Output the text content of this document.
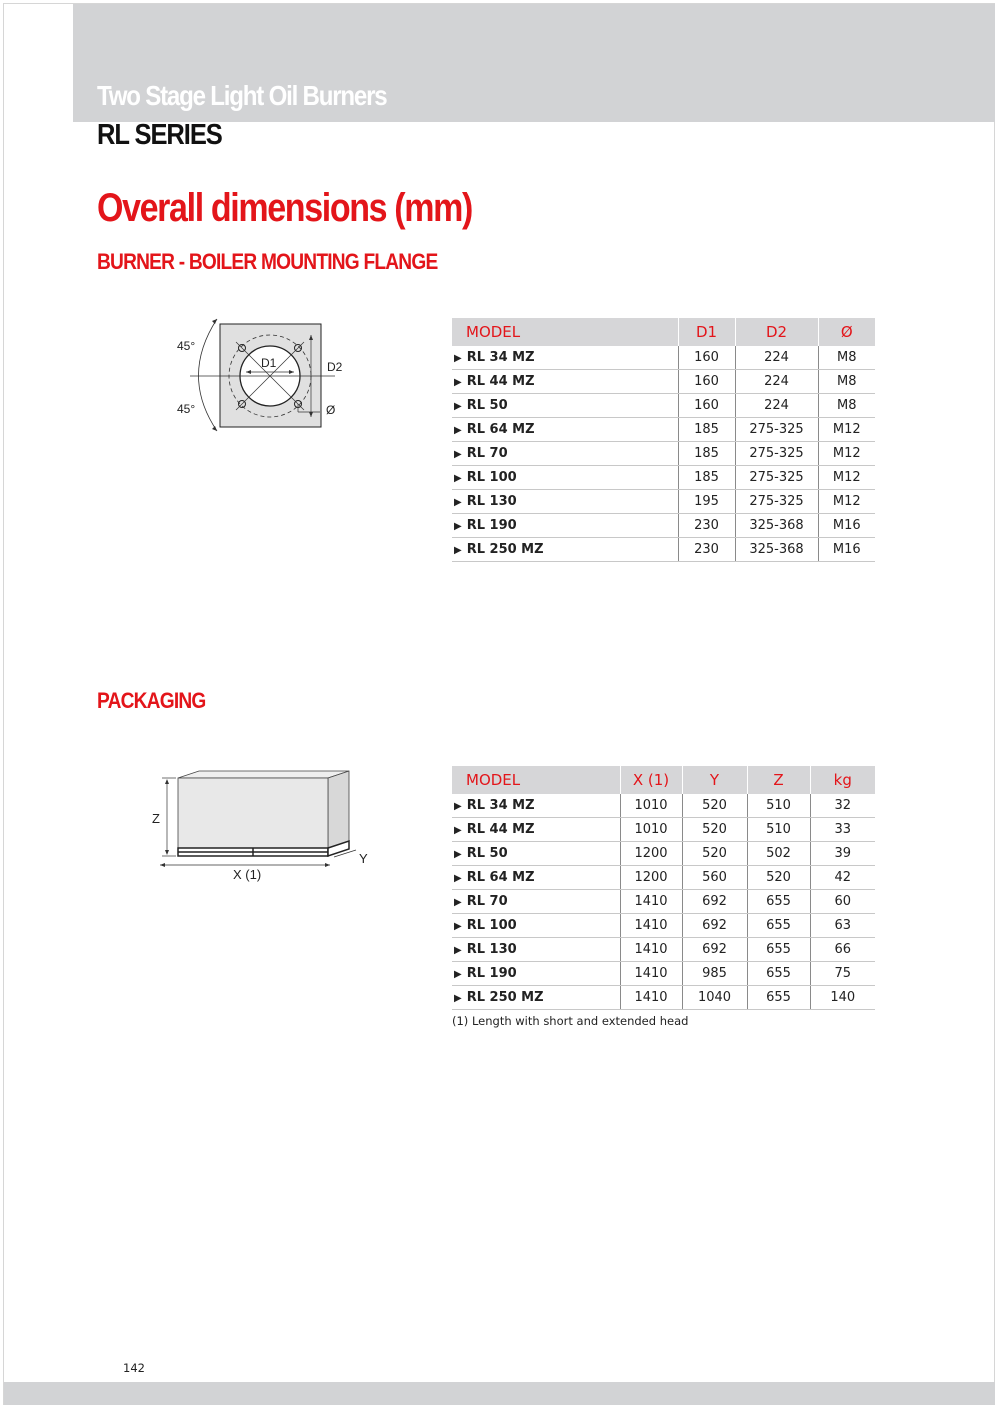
Two Stage Light Oil Burners
RL SERIES
Overall dimensions (mm)
BURNER - BOILER MOUNTING FLANGE
45°
45°
D1	D2
Ø
MODEL	D1	D2	Ø
▶ RL 34 MZ	160	224	M8
▶ RL 44 MZ	160	224	M8
▶ RL 50	160	224	M8
▶ RL 64 MZ	185	275-325	M12
▶ RL 70	185	275-325	M12
▶ RL 100	185	275-325	M12
▶ RL 130	195	275-325	M12
▶ RL 190	230	325-368	M16
▶ RL 250 MZ	230	325-368	M16
PACKAGING
Z
Y
X (1)
MODEL	X (1)	Y	Z	kg
▶ RL 34 MZ	1010	520	510	32
▶ RL 44 MZ	1010	520	510	33
▶ RL 50	1200	520	502	39
▶ RL 64 MZ	1200	560	520	42
▶ RL 70	1410	692	655	60
▶ RL 100	1410	692	655	63
▶ RL 130	1410	692	655	66
▶ RL 190	1410	985	655	75
▶ RL 250 MZ	1410	1040	655	140
(1) Length with short and extended head
142
